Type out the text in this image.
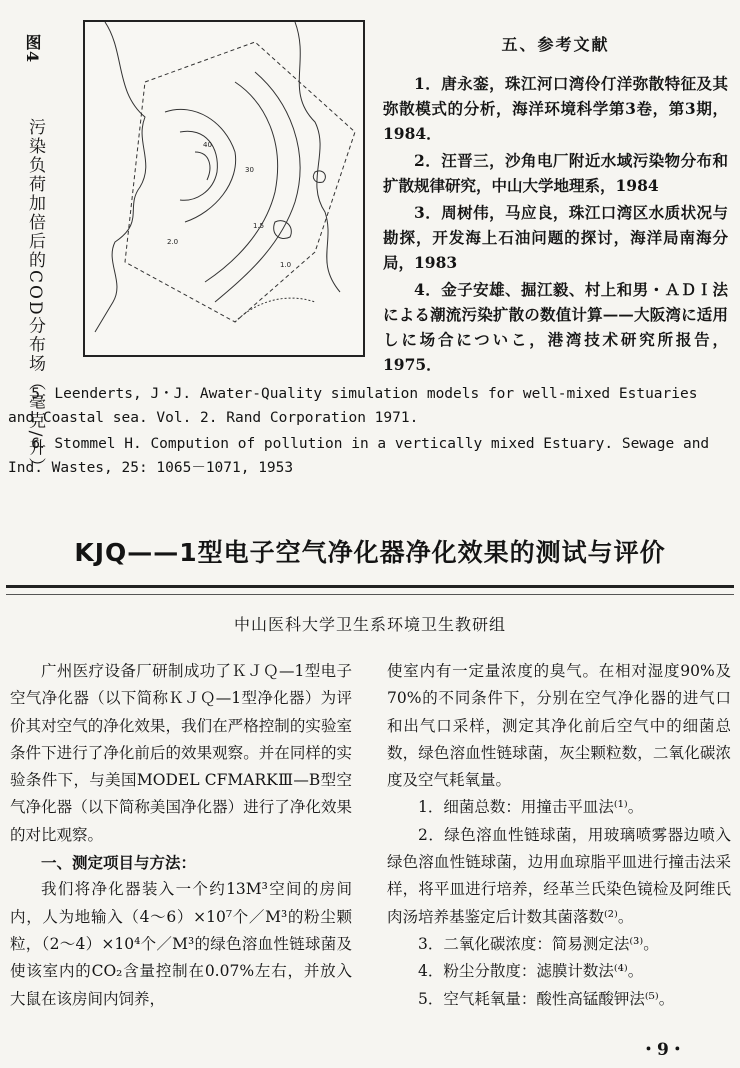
图4
污染负荷加倍后的COD分布场（毫克/升）	40
30
2.0
1.5
1.0
五、参考文献

1．唐永銮，珠江河口湾伶仃洋弥散特征及其弥散模式的分析，海洋环境科学第3卷，第3期，1984．

2．汪晋三，沙角电厂附近水域污染物分布和扩散规律研究，中山大学地理系，1984

3．周树伟，马应良，珠江口湾区水质状况与勘探，开发海上石油问题的探讨，海洋局南海分局，1983

4．金子安雄、掘江毅、村上和男・ＡＤＩ法による潮流污染扩散の数值计算——大阪湾に适用しに场合についこ，港湾技术研究所报告，1975．

5．Leenderts, J・J. Awater-Quality simulation models for well-mixed Estuaries and Coastal sea. Vol. 2. Rand Corporation 1971.

6．Stommel H. Compution of pollution in a vertically mixed Estuary. Sewage and Ind. Wastes, 25: 1065－1071, 1953

KJQ——1型电子空气净化器净化效果的测试与评价
中山医科大学卫生系环境卫生教研组

广州医疗设备厂研制成功了ＫＪＱ—1型电子空气净化器（以下简称ＫＪＱ—1型净化器）为评价其对空气的净化效果，我们在严格控制的实验室条件下进行了净化前后的效果观察。并在同样的实验条件下，与美国MODEL CFMARKⅢ—B型空气净化器（以下简称美国净化器）进行了净化效果的对比观察。

一、测定项目与方法：

我们将净化器装入一个约13M³空间的房间内，人为地输入（4～6）×10⁷个／M³的粉尘颗粒，（2～4）×10⁴个／M³的绿色溶血性链球菌及使该室内的CO₂含量控制在0.07%左右，并放入大鼠在该房间内饲养，

使室内有一定量浓度的臭气。在相对湿度90%及70%的不同条件下，分别在空气净化器的进气口和出气口采样，测定其净化前后空气中的细菌总数，绿色溶血性链球菌，灰尘颗粒数，二氧化碳浓度及空气耗氧量。

1．细菌总数：用撞击平皿法⁽¹⁾。

2．绿色溶血性链球菌，用玻璃喷雾器边喷入绿色溶血性链球菌，边用血琼脂平皿进行撞击法采样，将平皿进行培养，经革兰氏染色镜检及阿维氏肉汤培养基鉴定后计数其菌落数⁽²⁾。

3．二氧化碳浓度：简易测定法⁽³⁾。

4．粉尘分散度：滤膜计数法⁽⁴⁾。

5．空气耗氧量：酸性高锰酸钾法⁽⁵⁾。

・9・
